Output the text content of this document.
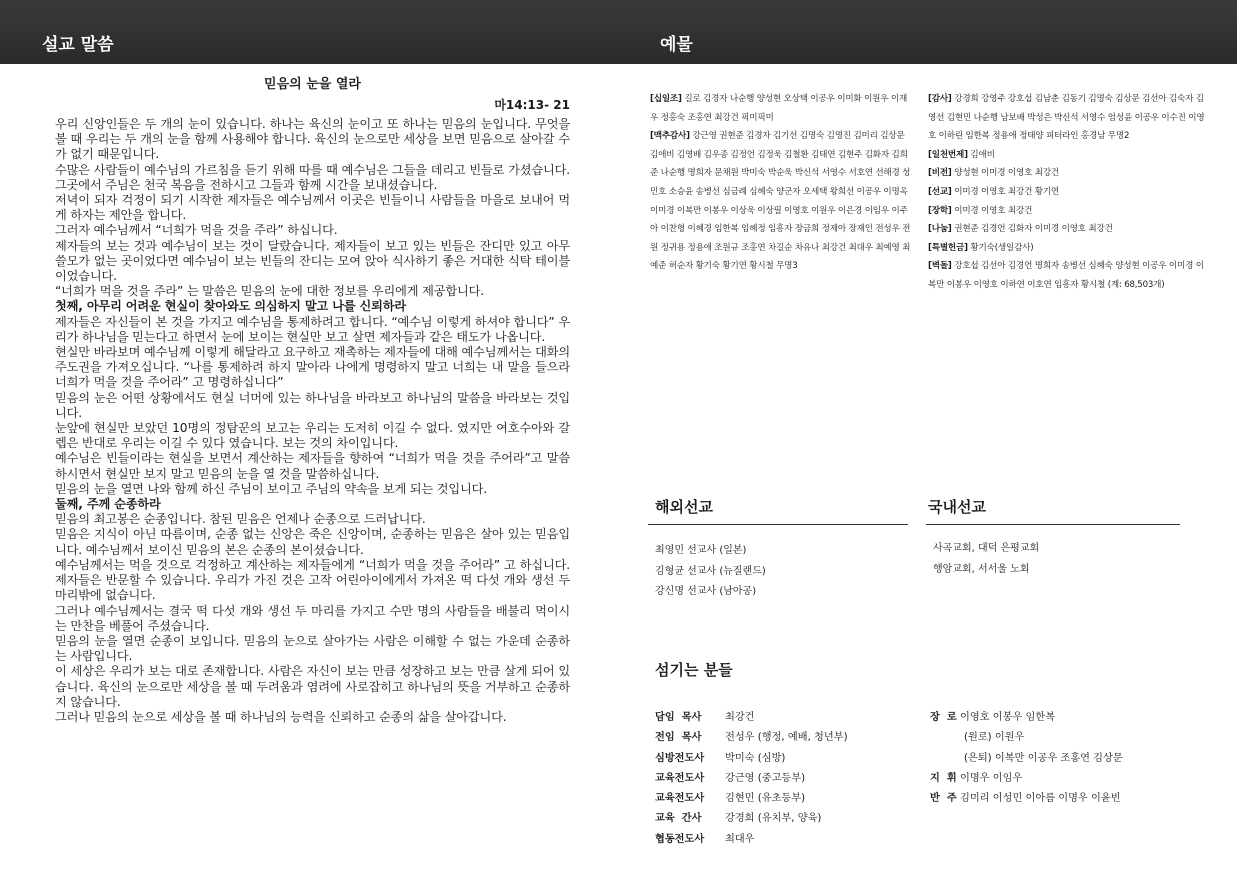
설교 말씀	예물
믿음의 눈을 열라
마14:13- 21
우리 신앙인들은 두 개의 눈이 있습니다. 하나는 육신의 눈이고 또 하나는 믿음의 눈입니다. 무엇을 볼 때 우리는 두 개의 눈을 함께 사용해야 합니다. 육신의 눈으로만 세상을 보면 믿음으로 살아갈 수가 없기 때문입니다.
수많은 사람들이 예수님의 가르침을 듣기 위해 따를 때 예수님은 그들을 데리고 빈들로 가셨습니다. 그곳에서 주님은 천국 복음을 전하시고 그들과 함께 시간을 보내셨습니다.
저녁이 되자 걱정이 되기 시작한 제자들은 예수님께서 이곳은 빈들이니 사람들을 마을로 보내어 먹게 하자는 제안을 합니다.
그러자 예수님께서 “너희가 먹을 것을 주라” 하십니다.
제자들의 보는 것과 예수님이 보는 것이 달랐습니다. 제자들이 보고 있는 빈들은 잔디만 있고 아무 쓸모가 없는 곳이었다면 예수님이 보는 빈들의 잔디는 모여 앉아 식사하기 좋은 거대한 식탁 테이블이었습니다.
“너희가 먹을 것을 주라” 는 말씀은 믿음의 눈에 대한 정보를 우리에게 제공합니다.
첫째, 아무리 어려운 현실이 찾아와도 의심하지 말고 나를 신뢰하라
제자들은 자신들이 본 것을 가지고 예수님을 통제하려고 합니다. “예수님 이렇게 하셔야 합니다” 우리가 하나님을 믿는다고 하면서 눈에 보이는 현실만 보고 살면 제자들과 같은 태도가 나옵니다.
현실만 바라보며 예수님께 이렇게 해달라고 요구하고 재촉하는 제자들에 대해 예수님께서는 대화의 주도권을 가져오십니다. “나를 통제하려 하지 말아라 나에게 명령하지 말고 너희는 내 말을 들으라 너희가 먹을 것을 주어라” 고 명령하십니다”
믿음의 눈은 어떤 상황에서도 현실 너머에 있는 하나님을 바라보고 하나님의 말씀을 바라보는 것입니다.
눈앞에 현실만 보았던 10명의 정탐꾼의 보고는 우리는 도저히 이길 수 없다. 였지만 여호수아와 갈렙은 반대로 우리는 이길 수 있다 였습니다. 보는 것의 차이입니다.
예수님은 빈들이라는 현실을 보면서 계산하는 제자들을 향하여 “너희가 먹을 것을 주어라”고 말씀하시면서 현실만 보지 말고 믿음의 눈을 열 것을 말씀하십니다.
믿음의 눈을 열면 나와 함께 하신 주님이 보이고 주님의 약속을 보게 되는 것입니다.
둘째, 주께 순종하라
믿음의 최고봉은 순종입니다. 참된 믿음은 언제나 순종으로 드러납니다.
믿음은 지식이 아닌 따름이며, 순종 없는 신앙은 죽은 신앙이며, 순종하는 믿음은 살아 있는 믿음입니다. 예수님께서 보이신 믿음의 본은 순종의 본이셨습니다.
예수님께서는 먹을 것으로 걱정하고 계산하는 제자들에게 “너희가 먹을 것을 주어라” 고 하십니다. 제자들은 반문할 수 있습니다. 우리가 가진 것은 고작 어린아이에게서 가져온 떡 다섯 개와 생선 두 마리밖에 없습니다.
그러나 예수님께서는 결국 떡 다섯 개와 생선 두 마리를 가지고 수만 명의 사람들을 배불리 먹이시는 만찬을 베풀어 주셨습니다.
믿음의 눈을 열면 순종이 보입니다. 믿음의 눈으로 살아가는 사람은 이해할 수 없는 가운데 순종하는 사람입니다.
이 세상은 우리가 보는 대로 존재합니다. 사람은 자신이 보는 만큼 성장하고 보는 만큼 살게 되어 있습니다. 육신의 눈으로만 세상을 볼 때 두려움과 염려에 사로잡히고 하나님의 뜻을 거부하고 순종하지 않습니다.
그러나 믿음의 눈으로 세상을 볼 때 하나님의 능력을 신뢰하고 순종의 삶을 살아갑니다.
[십일조] 길로 김경자 나순행 양성현 오상택 이공우 이미화 이원우 이재우 정홍숙 조홍연 최강건 픽미픽미
[맥추감사] 강근영 권현준 김경자 김기선 김명숙 김명진 김미리 김상문 김애비 김영배 김우종 김정언 김정욱 김철환 김태연 김현주 김화자 김희준 나순행 명희자 문채원 박미숙 박순욱 박신석 서영수 서호연 선해경 성민호 소승윤 송병선 심금례 심혜숙 양군자 오세택 왕희선 이공우 이명옥 이미경 이복만 이봉우 이상욱 이상필 이영호 이원우 이은경 이임우 이주아 이찬형 이혜경 임한복 임혜정 임흥자 장금희 정제아 장재인 전성우 전원 정귀용 정용애 조원규 조홍연 차길순 차유나 최강건 최대우 최예영 최예준 허순자 황기숙 황기연 황시철 무명3
[감사] 강경희 강영주 강호섭 김남춘 김동기 김명숙 김상문 김선아 김숙자 김영선 김현민 나순행 남보배 박성은 박신석 서영수 엄성윤 이공우 이수진 이영호 이하린 임한복 정용애 정태양 피터라인 홍경남 무명2
[일천번제] 김애비
[비전] 양성현 이미경 이영호 최강건
[선교] 이미경 이영호 최강건 황기연
[장학] 이미경 이영호 최강건
[나눔] 권현준 김경언 김화자 이미경 이영호 최강건
[특별헌금] 황기숙(생일감사)
[벽돌] 강호섭 김선아 김경언 명희자 송병선 심혜숙 양성현 이공우 이미경 이복만 이봉우 이영호 이하연 이호연 임흥자 황시철 (계: 68,503개)
해외선교
최영민 선교사 (일본)
김형균 선교사 (뉴질랜드)
강신명 선교사 (남아공)
국내선교
사곡교회, 대덕 은평교회
행암교회, 서서울 노회
섬기는 분들
담임  목사 최강건
전임  목사 전성우 (행정, 예배, 청년부)
심방전도사 박미숙 (심방)
교육전도사 강근영 (중고등부)
교육전도사 김현민 (유초등부)
교육  간사 강경희 (유치부, 양육)
협동전도사 최대우
장  로 이영호 이봉우 임한복
(원로) 이원우
(은퇴) 이복만 이공우 조홍연 김상문
지  휘 이명우 이임우
반  주 김미리 이성민 이아름 이명우 이윤빈
